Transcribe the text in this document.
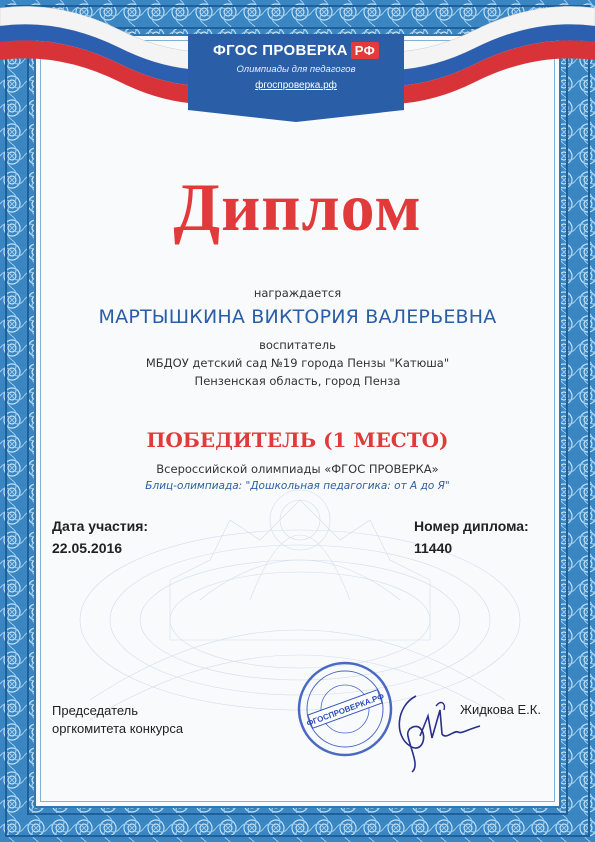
ФГОС ПРОВЕРКА РФ
Олимпиады для педагогов
фгоспроверка.рф
Диплом
награждается
МАРТЫШКИНА ВИКТОРИЯ ВАЛЕРЬЕВНА
воспитатель
МБДОУ детский сад №19 города Пензы "Катюша"
Пензенская область, город Пенза
ПОБЕДИТЕЛЬ (1 МЕСТО)
Всероссийской олимпиады «ФГОС ПРОВЕРКА»
Блиц-олимпиада: "Дошкольная педагогика: от А до Я"
Дата участия:
22.05.2016
Номер диплома:
11440
Председатель
оргкомитета конкурса
Жидкова Е.К.
ФГОСПРОВЕРКА.РФ
